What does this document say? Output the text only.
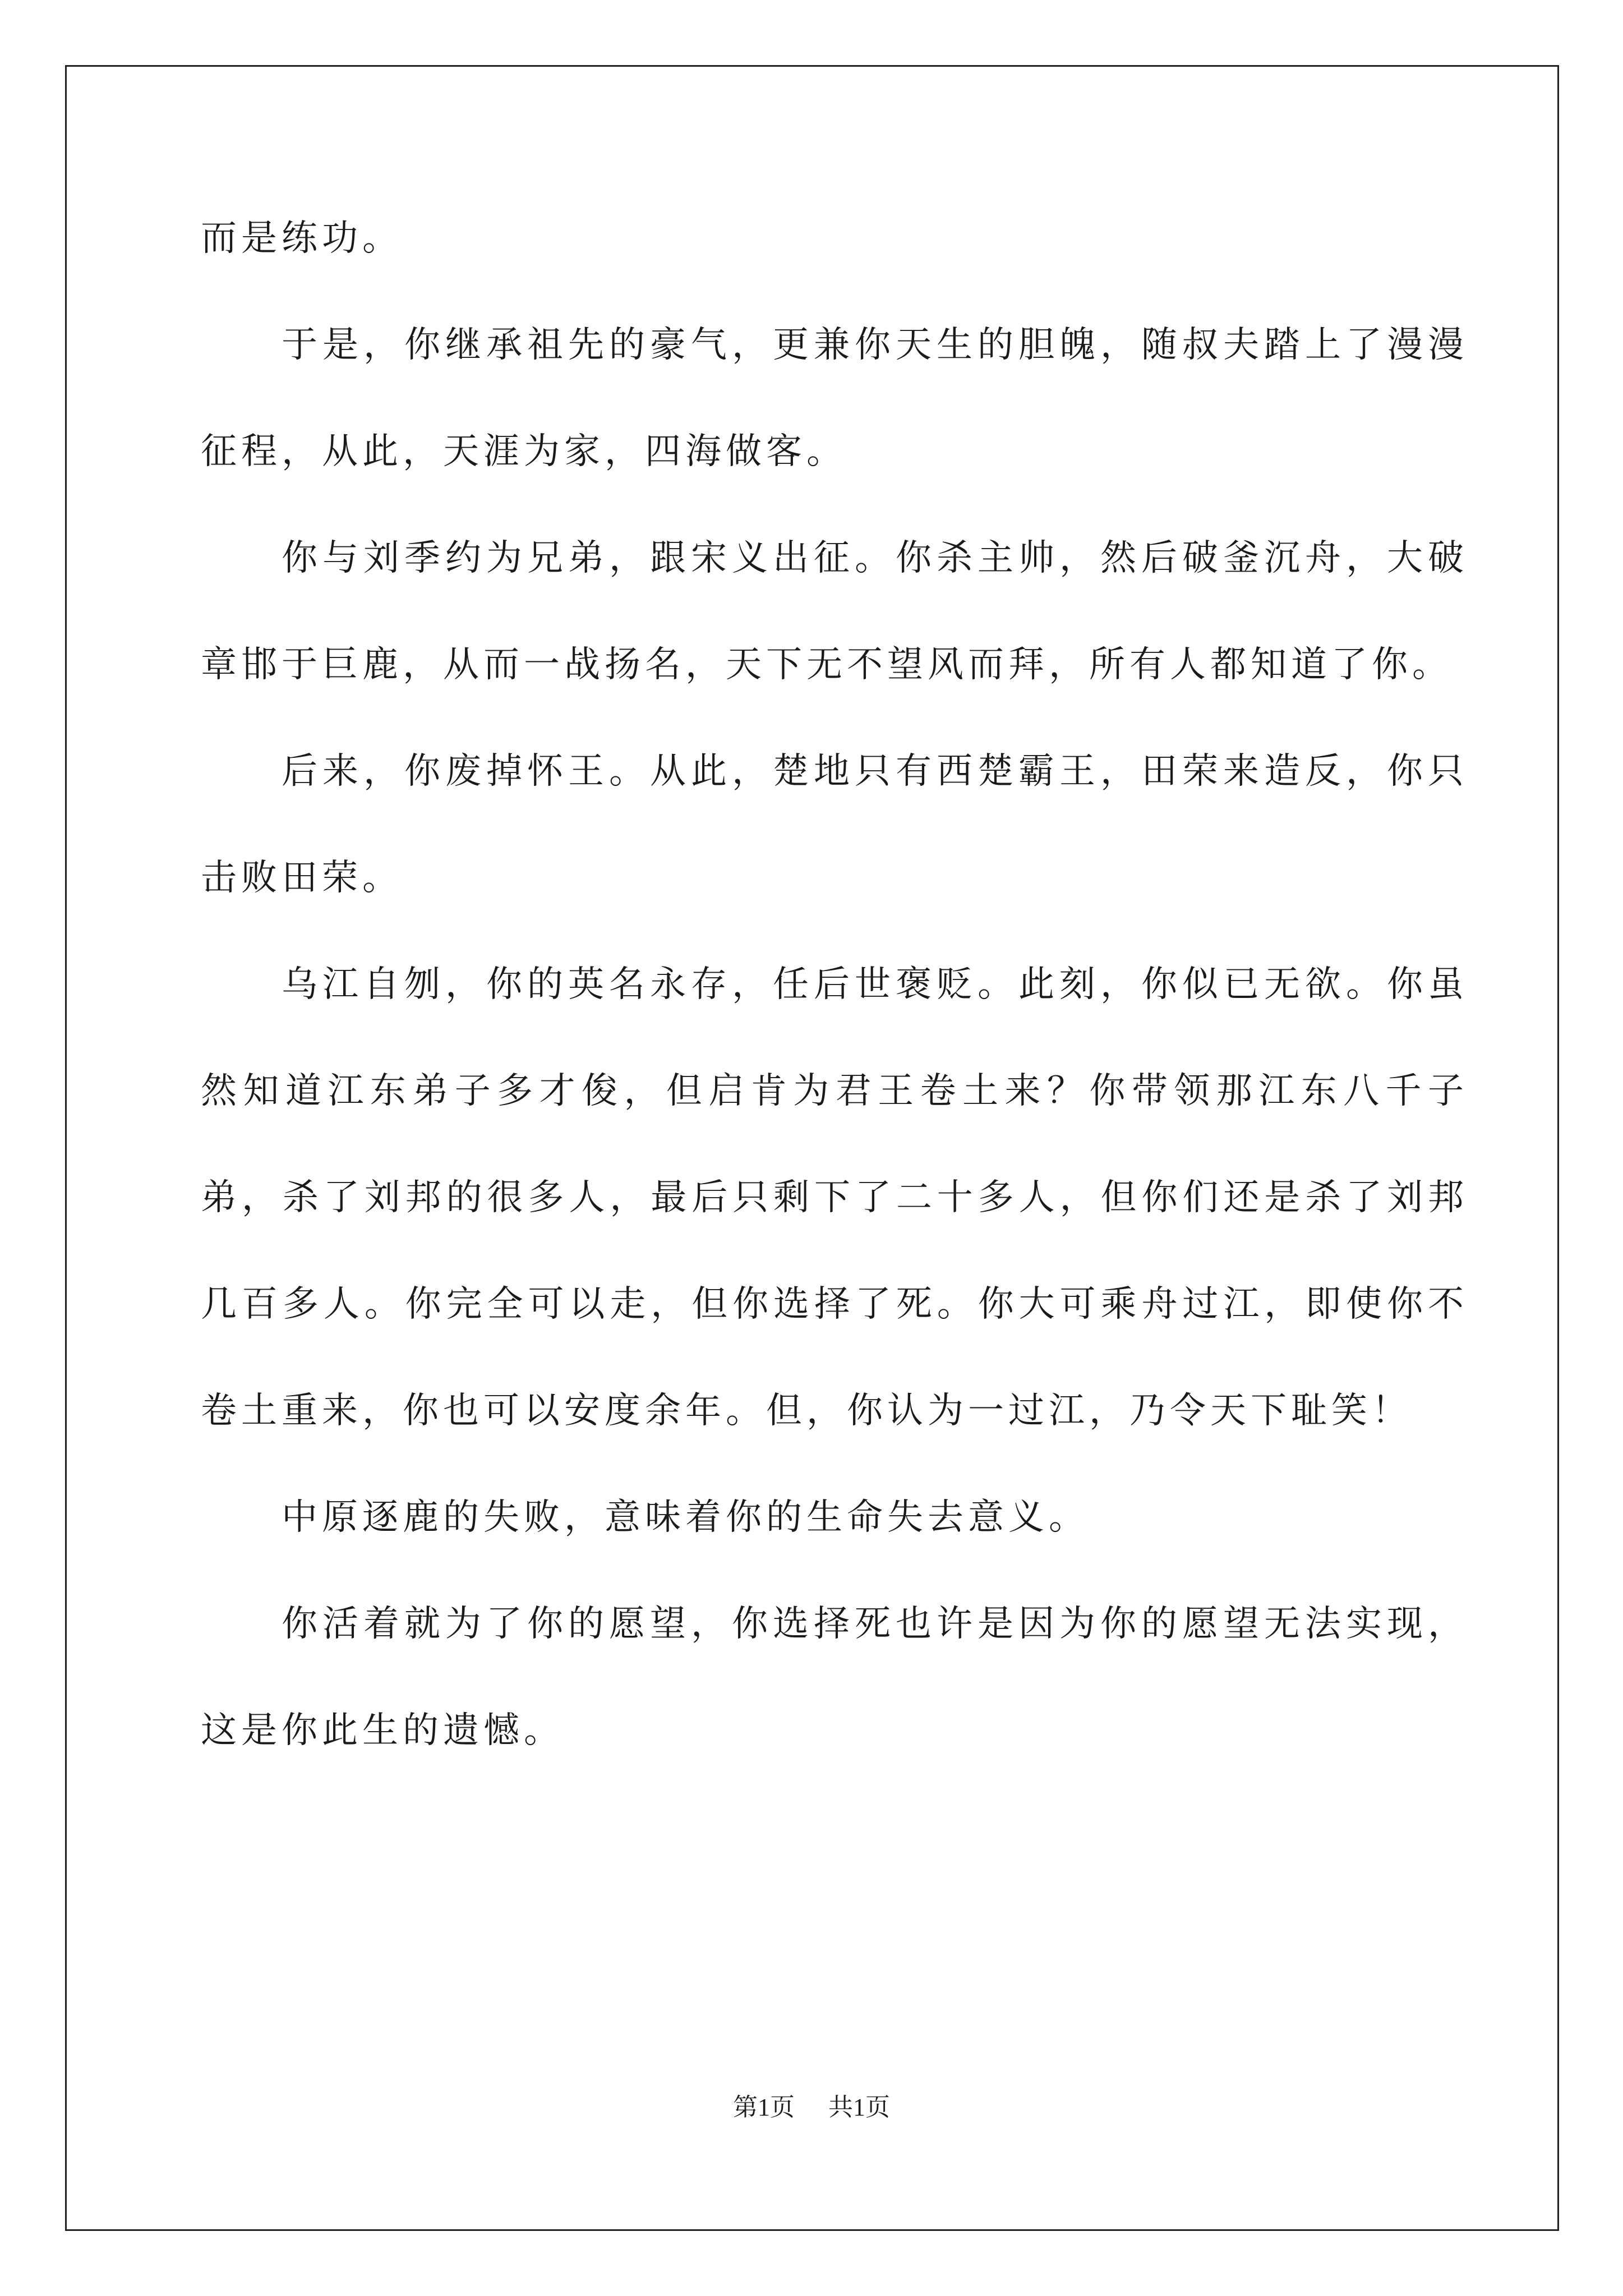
而是练功。

于是，你继承祖先的豪气，更兼你天生的胆魄，随叔夫踏上了漫漫征程，从此，天涯为家，四海做客。

你与刘季约为兄弟，跟宋义出征。你杀主帅，然后破釜沉舟，大破章邯于巨鹿，从而一战扬名，天下无不望风而拜，所有人都知道了你。

后来，你废掉怀王。从此，楚地只有西楚霸王，田荣来造反，你只击败田荣。

乌江自刎，你的英名永存，任后世褒贬。此刻，你似已无欲。你虽然知道江东弟子多才俊，但启肯为君王卷土来？你带领那江东八千子弟，杀了刘邦的很多人，最后只剩下了二十多人，但你们还是杀了刘邦几百多人。你完全可以走，但你选择了死。你大可乘舟过江，即使你不卷土重来，你也可以安度余年。但，你认为一过江，乃令天下耻笑！

中原逐鹿的失败，意味着你的生命失去意义。

你活着就为了你的愿望，你选择死也许是因为你的愿望无法实现，这是你此生的遗憾。

第1页 共1页
